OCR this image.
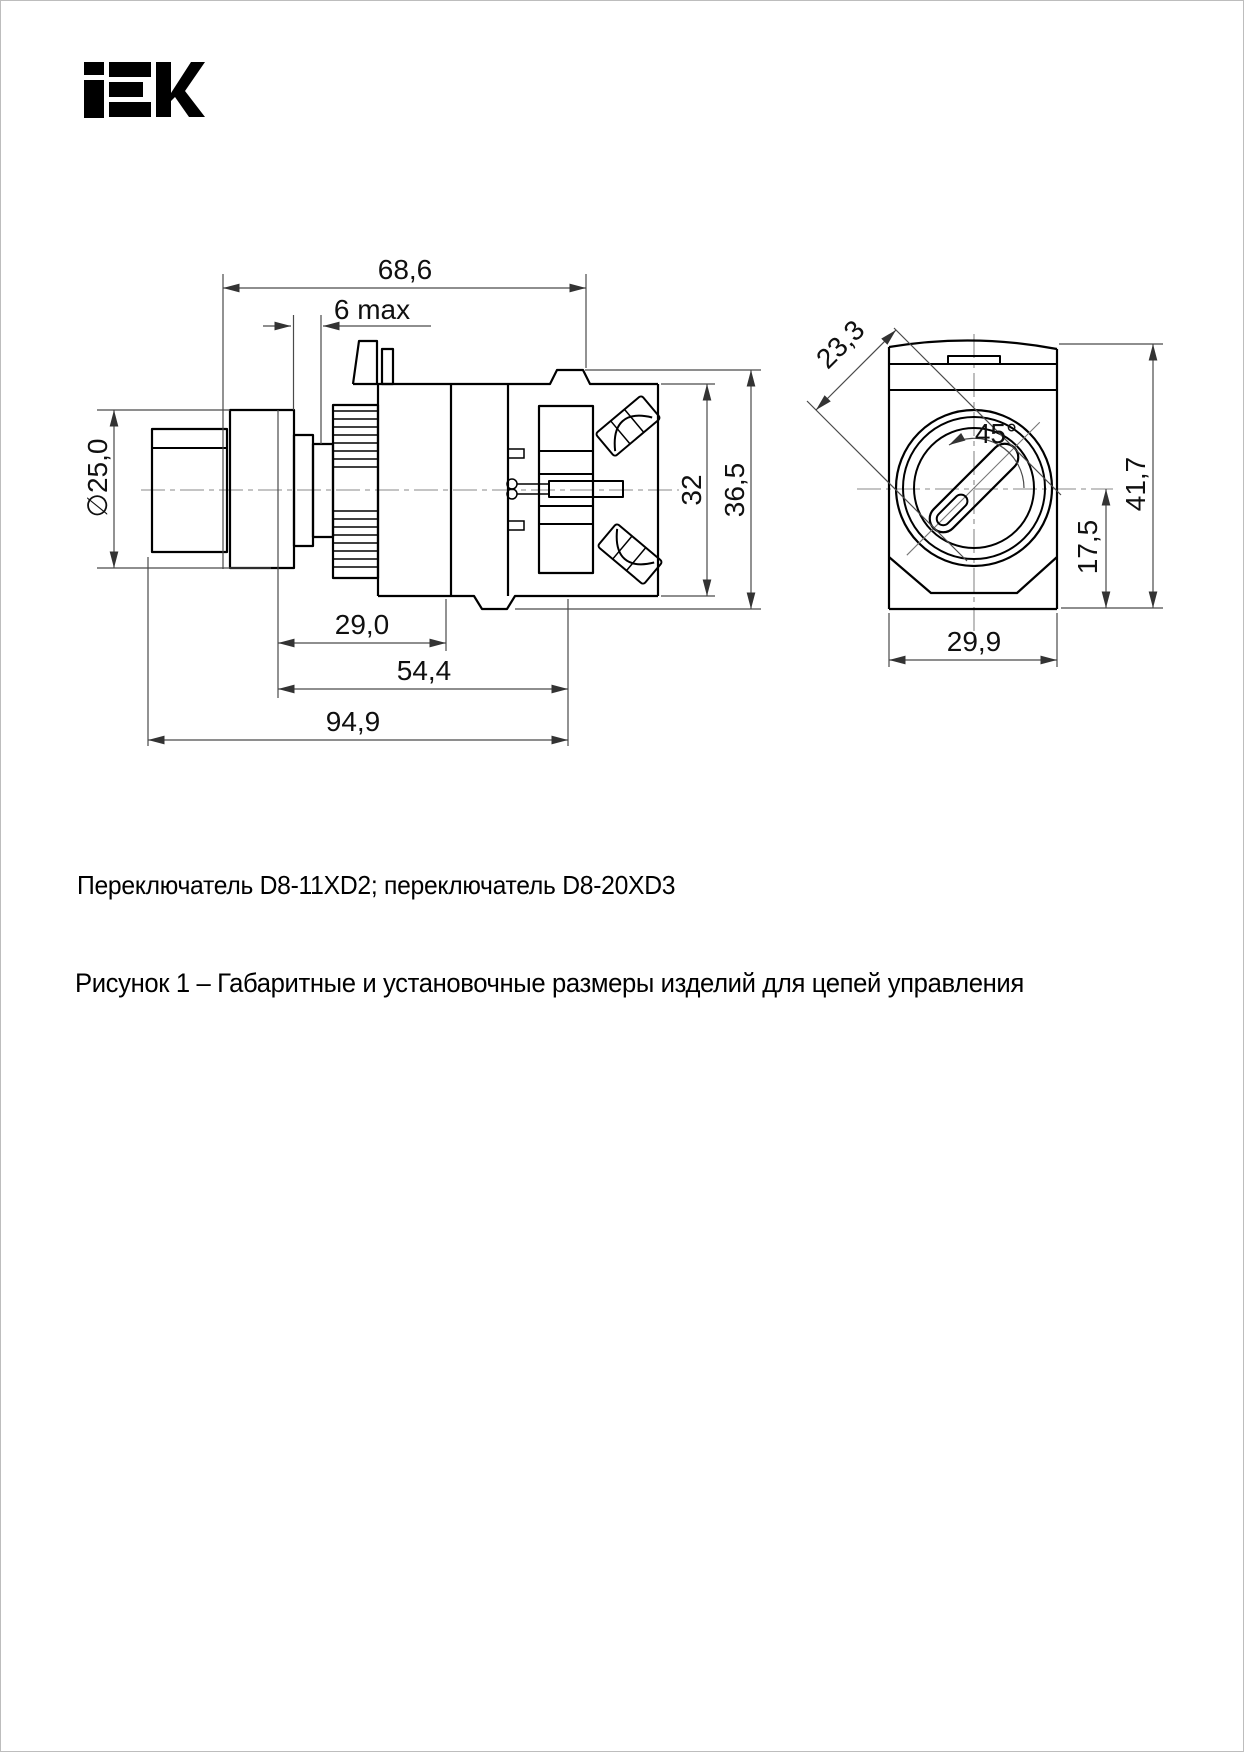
68,6
6 max
∅25,0	32 36,5
29,0
54,4
94,9
23,3
45°
17,5
41,7
29,9
Переключатель D8-11XD2; переключатель D8-20XD3
Рисунок 1 – Габаритные и установочные размеры изделий для цепей управления
